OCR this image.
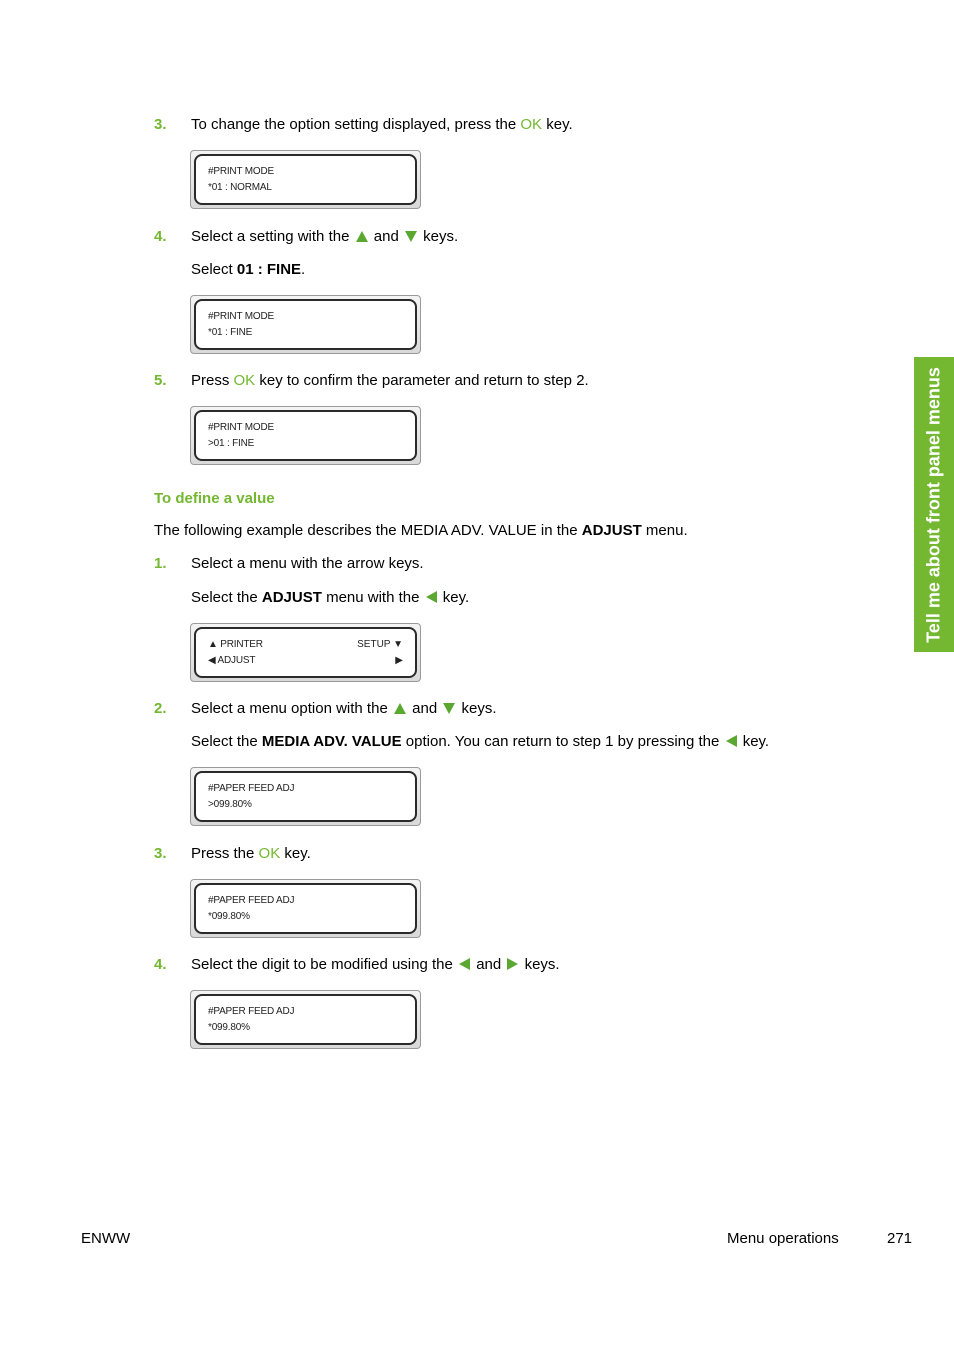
3. To change the option setting displayed, press the OK key.
#PRINT MODE
*01 : NORMAL
4. Select a setting with the  and keys.
Select 01 : FINE.
#PRINT MODE
*01 : FINE
5. Press OK key to confirm the parameter and return to step 2.
#PRINT MODE
>01 : FINE
To define a value
The following example describes the MEDIA ADV. VALUE in the ADJUST menu.
1. Select a menu with the arrow keys.
Select the ADJUST menu with the  key.
▲ PRINTER	SETUP ▼
◀ ADJUST	▶
2. Select a menu option with the  and keys.
Select the MEDIA ADV. VALUE option. You can return to step 1 by pressing the  key.
#PAPER FEED ADJ
>099.80%
3. Press the OK key.
#PAPER FEED ADJ
*099.80%
4. Select the digit to be modified using the  and keys.
#PAPER FEED ADJ
*099.80%
Tell me about front panel menus
ENWW	Menu operations	271
